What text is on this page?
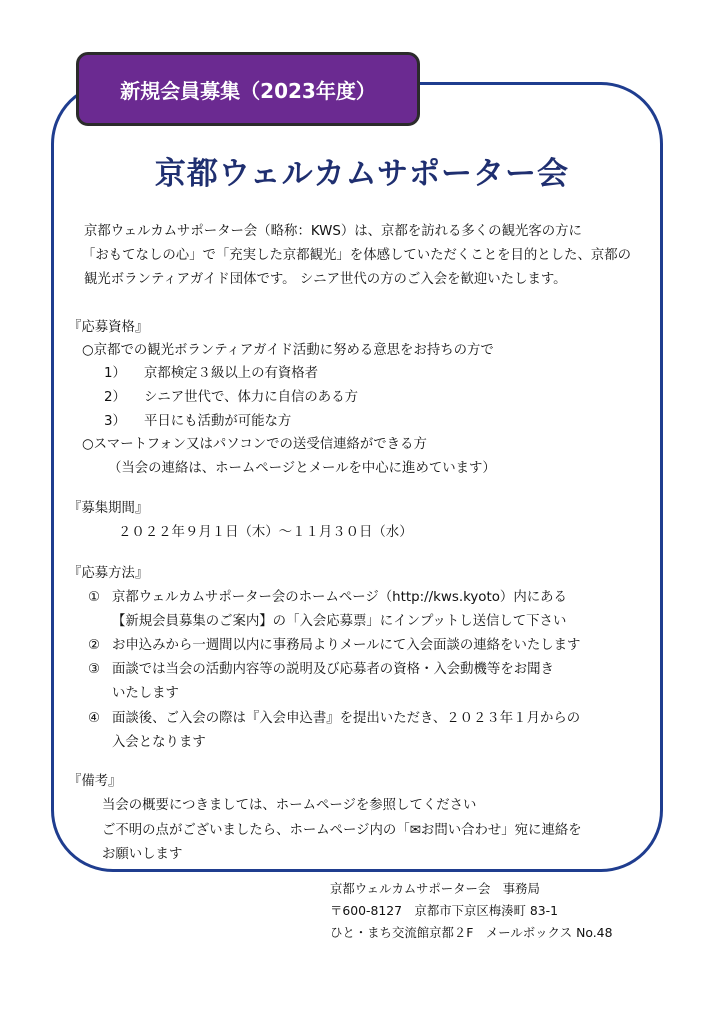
新規会員募集（2023年度）
京都ウェルカムサポーター会
京都ウェルカムサポーター会（略称：KWS）は、京都を訪れる多くの観光客の方に
「おもてなしの心」で「充実した京都観光」を体感していただくことを目的とした、京都の
観光ボランティアガイド団体です。 シニア世代の方のご入会を歓迎いたします。
『応募資格』
○京都での観光ボランティアガイド活動に努める意思をお持ちの方で
1） 京都検定３級以上の有資格者
2） シニア世代で、体力に自信のある方
3） 平日にも活動が可能な方
○スマートフォン又はパソコンでの送受信連絡ができる方
（当会の連絡は、ホームページとメールを中心に進めています）
『募集期間』
２０２２年９月１日（木）～１１月３０日（水）
『応募方法』
① 京都ウェルカムサポーター会のホームページ（http://kws.kyoto）内にある
【新規会員募集のご案内】の「入会応募票」にインプットし送信して下さい
② お申込みから一週間以内に事務局よりメールにて入会面談の連絡をいたします
③ 面談では当会の活動内容等の説明及び応募者の資格・入会動機等をお聞き
いたします
④ 面談後、ご入会の際は『入会申込書』を提出いただき、２０２３年１月からの
入会となります
『備考』
当会の概要につきましては、ホームページを参照してください
ご不明の点がございましたら、ホームページ内の「✉お問い合わせ」宛に連絡を
お願いします
京都ウェルカムサポーター会　事務局
〒600-8127　京都市下京区梅湊町 83-1
ひと・まち交流館京都２F　メールボックス No.48
